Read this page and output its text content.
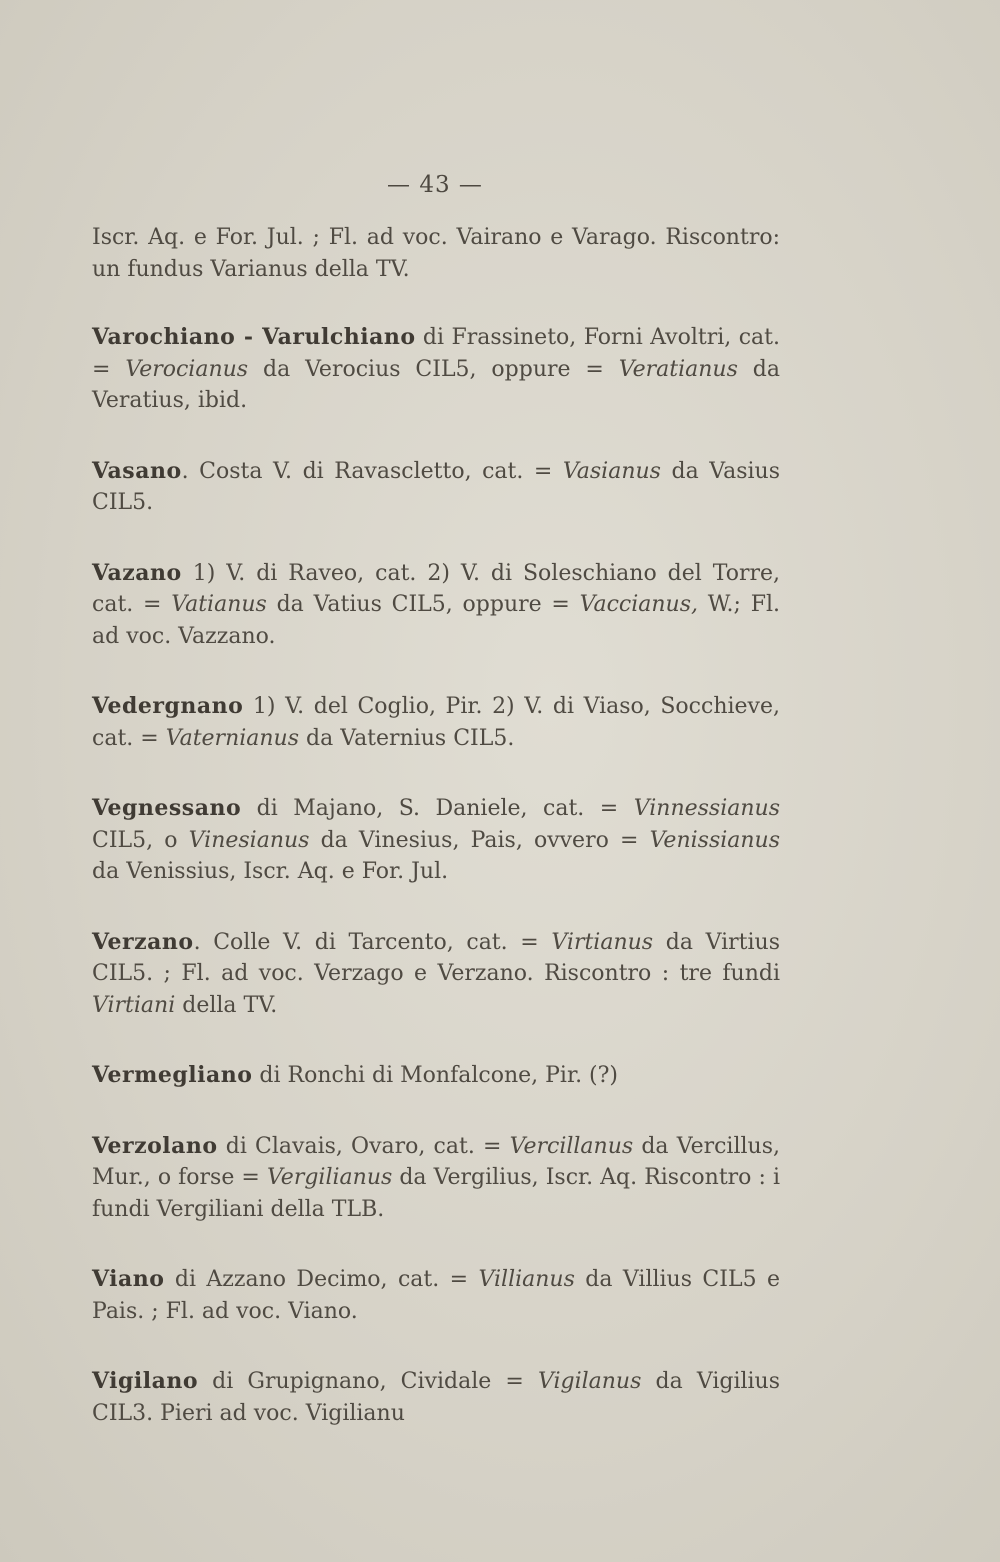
— 43 —

Iscr. Aq. e For. Jul. ; Fl. ad voc. Vairano e Varago. Riscontro: un fundus Varianus della TV.

Varochiano - Varulchiano di Frassineto, Forni Avoltri, cat. = Verocianus da Verocius CIL5, oppure = Veratianus da Veratius, ibid.

Vasano. Costa V. di Ravascletto, cat. = Vasianus da Vasius CIL5.

Vazano 1) V. di Raveo, cat. 2) V. di Soleschiano del Torre, cat. = Vatianus da Vatius CIL5, oppure = Vaccianus, W.; Fl. ad voc. Vazzano.

Vedergnano 1) V. del Coglio, Pir. 2) V. di Viaso, Socchieve, cat. = Vaternianus da Vaternius CIL5.

Vegnessano di Majano, S. Daniele, cat. = Vinnessianus CIL5, o Vinesianus da Vinesius, Pais, ovvero = Venissianus da Venissius, Iscr. Aq. e For. Jul.

Verzano. Colle V. di Tarcento, cat. = Virtianus da Virtius CIL5. ; Fl. ad voc. Verzago e Verzano. Riscontro : tre fundi Virtiani della TV.

Vermegliano di Ronchi di Monfalcone, Pir. (?)

Verzolano di Clavais, Ovaro, cat. = Vercillanus da Vercillus, Mur., o forse = Vergilianus da Vergilius, Iscr. Aq. Riscontro : i fundi Vergiliani della TLB.

Viano di Azzano Decimo, cat. = Villianus da Villius CIL5 e Pais. ; Fl. ad voc. Viano.

Vigilano di Grupignano, Cividale = Vigilanus da Vigilius CIL3. Pieri ad voc. Vigilianu
